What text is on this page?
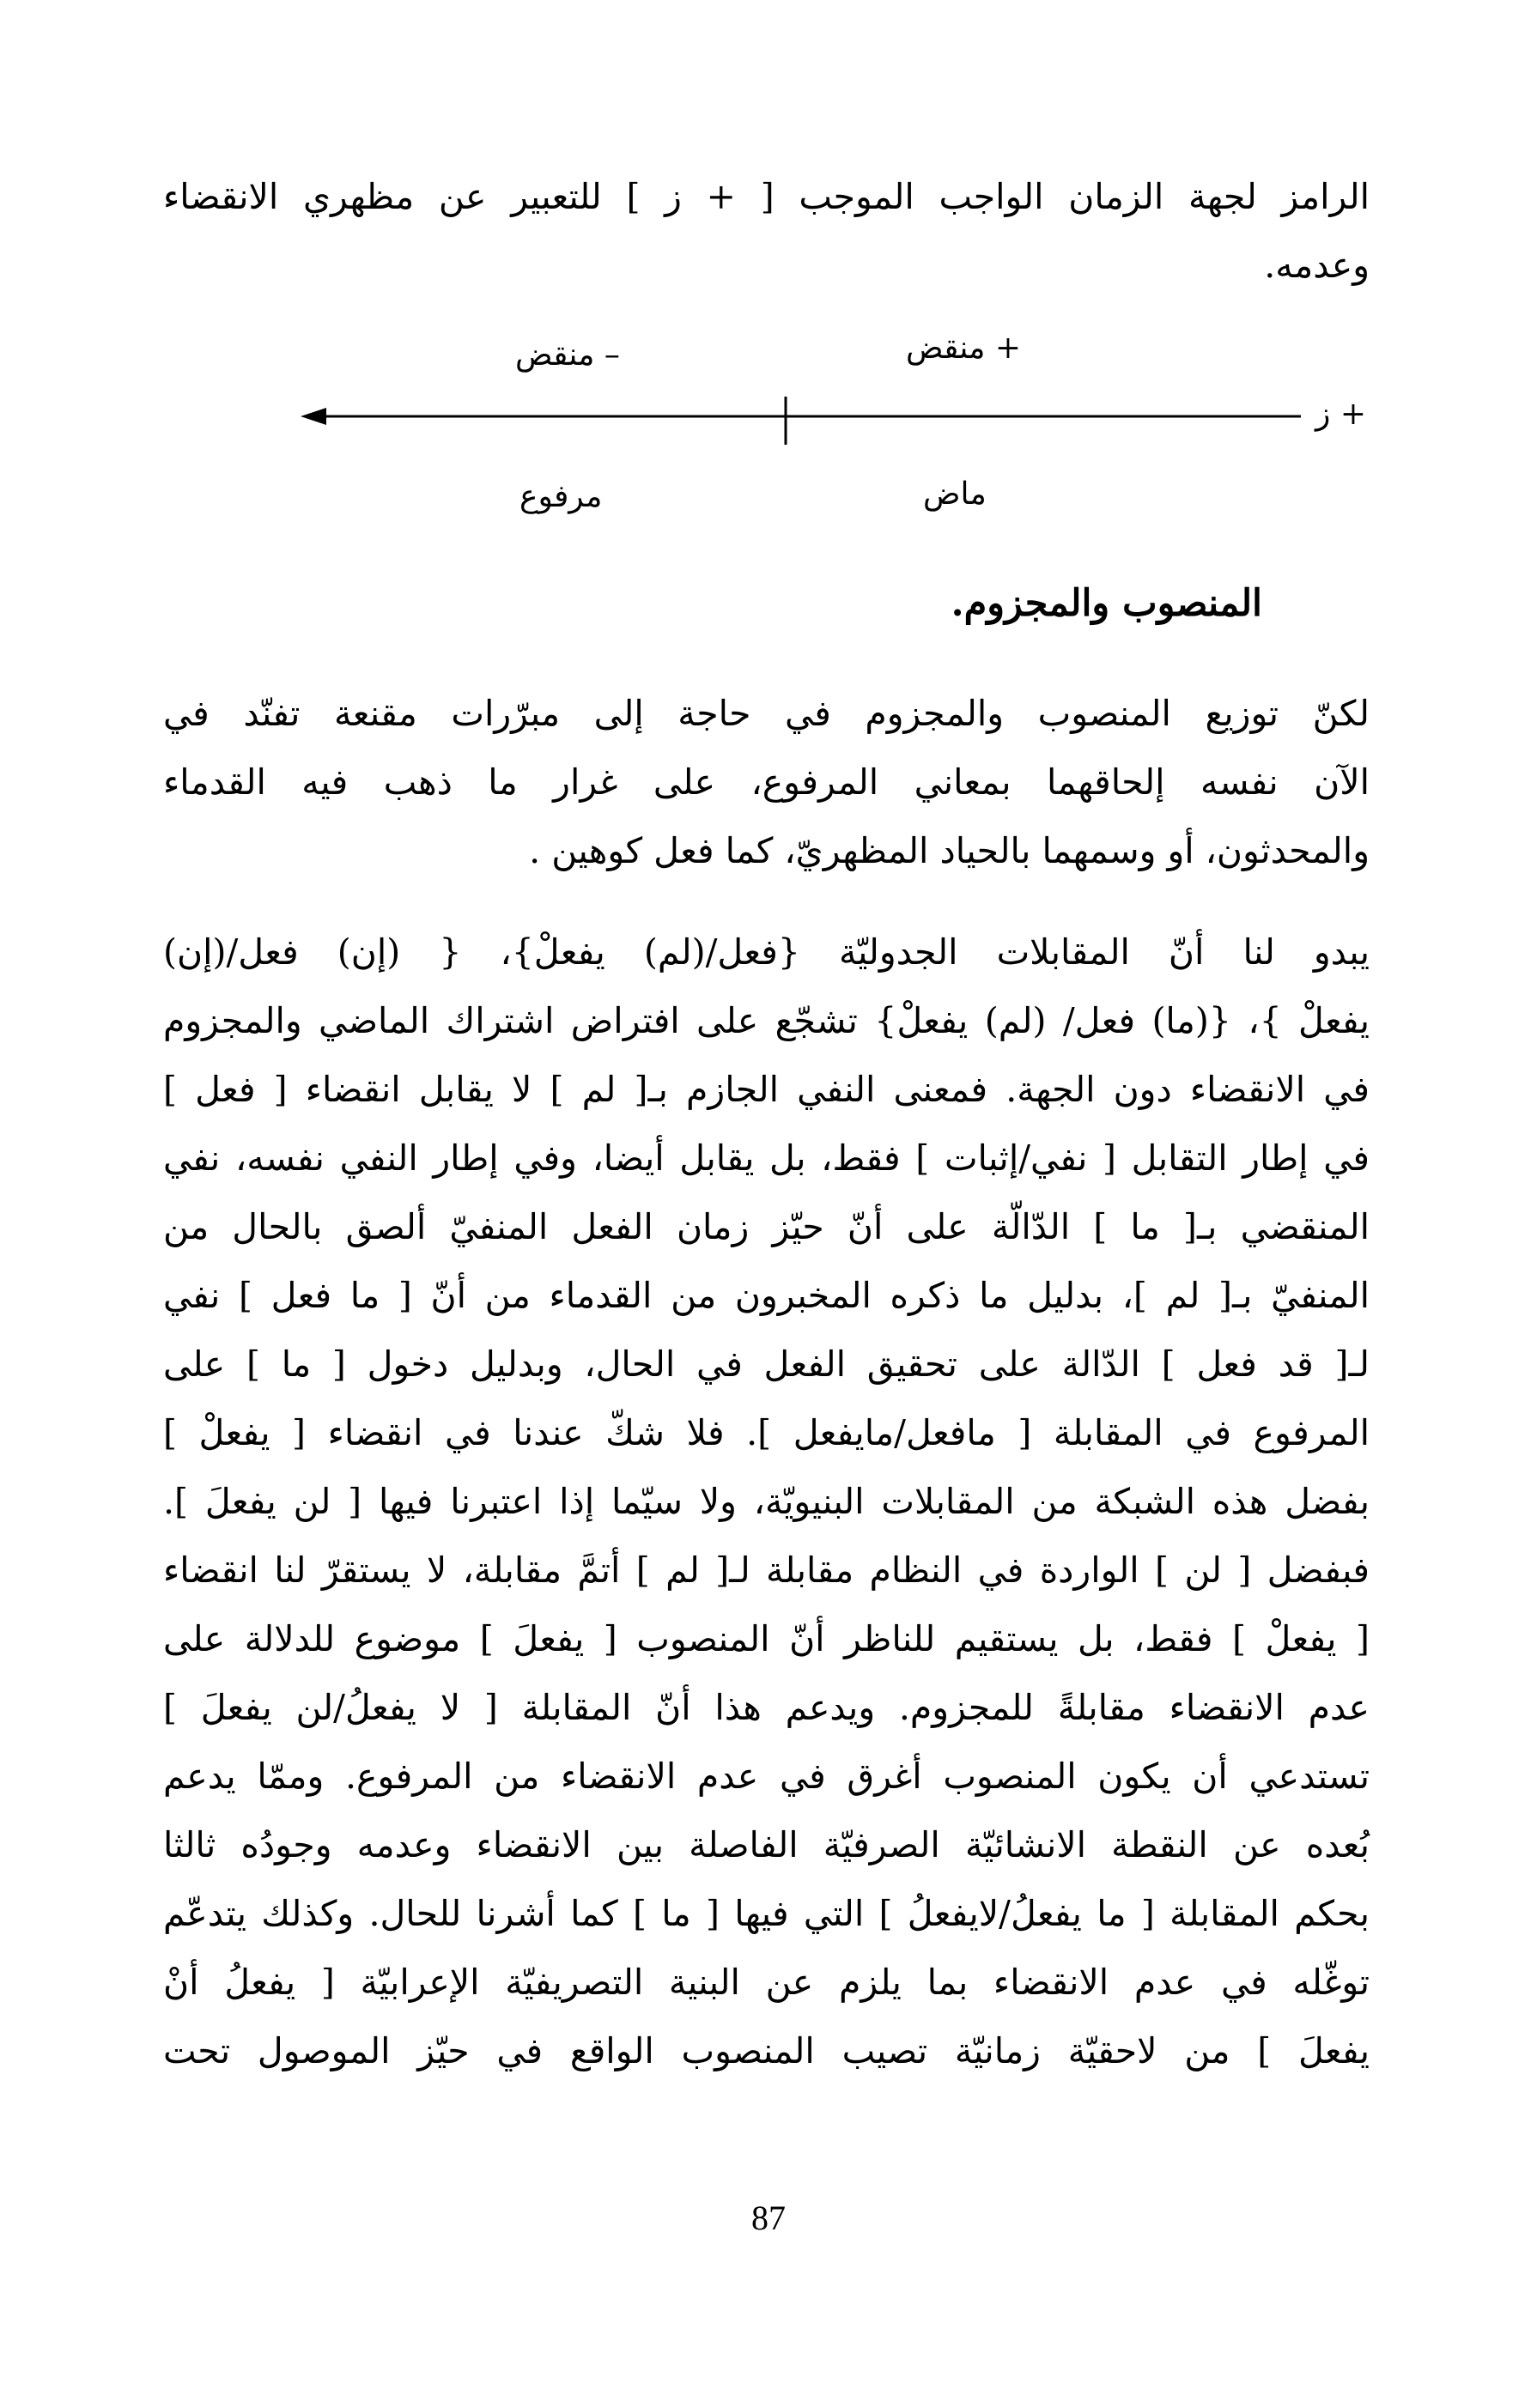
الرامز لجهة الزمان الواجب الموجب [ + ز ] للتعبير عن مظهري الانقضاء
وعدمه.
+ منقض
– منقض
+ ز
ماض
مرفوع
المنصوب والمجزوم.
لكنّ توزيع المنصوب والمجزوم في حاجة إلى مبرّرات مقنعة تفنّد في
الآن نفسه إلحاقهما بمعاني المرفوع، على غرار ما ذهب فيه القدماء
والمحدثون، أو وسمهما بالحياد المظهريّ، كما فعل كوهين .
يبدو لنا أنّ المقابلات الجدوليّة {فعل/(لم) يفعلْ}، { (إن) فعل/(إن)
يفعلْ }، {(ما) فعل/ (لم) يفعلْ} تشجّع على افتراض اشتراك الماضي والمجزوم
في الانقضاء دون الجهة. فمعنى النفي الجازم بـ[ لم ] لا يقابل انقضاء [ فعل ]
في إطار التقابل [ نفي/إثبات ] فقط، بل يقابل أيضا، وفي إطار النفي نفسه، نفي
المنقضي بـ[ ما ] الدّالّة على أنّ حيّز زمان الفعل المنفيّ ألصق بالحال من
المنفيّ بـ[ لم ]، بدليل ما ذكره المخبرون من القدماء من أنّ [ ما فعل ] نفي
لـ[ قد فعل ] الدّالة على تحقيق الفعل في الحال، وبدليل دخول [ ما ] على
المرفوع في المقابلة [ مافعل/مايفعل ]. فلا شكّ عندنا في انقضاء [ يفعلْ ]
بفضل هذه الشبكة من المقابلات البنيويّة، ولا سيّما إذا اعتبرنا فيها [ لن يفعلَ ].
فبفضل [ لن ] الواردة في النظام مقابلة لـ[ لم ] أتمَّ مقابلة، لا يستقرّ لنا انقضاء
[ يفعلْ ] فقط، بل يستقيم للناظر أنّ المنصوب [ يفعلَ ] موضوع للدلالة على
عدم الانقضاء مقابلةً للمجزوم. ويدعم هذا أنّ المقابلة [ لا يفعلُ/لن يفعلَ ]
تستدعي أن يكون المنصوب أغرق في عدم الانقضاء من المرفوع. وممّا يدعم
بُعده عن النقطة الانشائيّة الصرفيّة الفاصلة بين الانقضاء وعدمه وجودُه ثالثا
بحكم المقابلة [ ما يفعلُ/لايفعلُ ] التي فيها [ ما ] كما أشرنا للحال. وكذلك يتدعّم
توغّله في عدم الانقضاء بما يلزم عن البنية التصريفيّة الإعرابيّة [ يفعلُ أنْ
يفعلَ ] من لاحقيّة زمانيّة تصيب المنصوب الواقع في حيّز الموصول تحت
87
